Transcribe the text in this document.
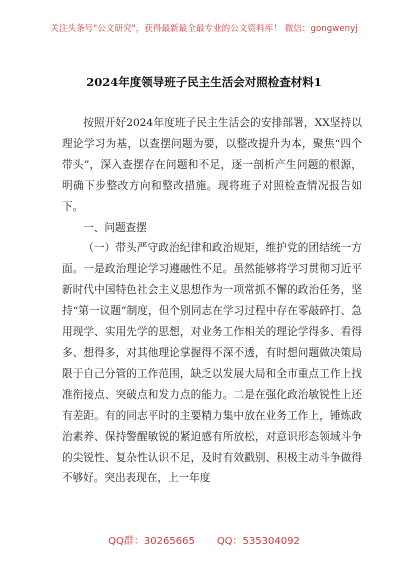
关注头条号"公文研究"，获得最新最全最专业的公文资料库！ 微信：gongwenyj
2024年度领导班子民主生活会对照检查材料1

按照开好2024年度班子民主生活会的安排部署，XX坚持以理论学习为基，以查摆问题为要，以整改提升为本，聚焦“四个带头”，深入查摆存在问题和不足，逐一剖析产生问题的根源，明确下步整改方向和整改措施。现将班子对照检查情况报告如下。

一、问题查摆

（一）带头严守政治纪律和政治规矩，维护党的团结统一方面。一是政治理论学习遵融性不足。虽然能够将学习贯彻习近平新时代中国特色社会主义思想作为一项常抓不懈的政治任务，坚持“第一议题”制度，但个别同志在学习过程中存在零敲碎打、急用现学、实用先学的思想，对业务工作相关的理论学得多、看得多、想得多，对其他理论掌握得不深不透，有时想问题做决策局限于自己分管的工作范围，缺乏以发展大局和全市重点工作上找准衔接点、突破点和发力点的能力。二是在强化政治敏锐性上还有差距。有的同志平时的主要精力集中放在业务工作上，锤炼政治素养、保持警醒敏锐的紧迫感有所放松，对意识形态领域斗争的尖锐性、复杂性认识不足，及时有效戳别、积极主动斗争做得不够好。突出表现在，上一年度

QQ群：30265665 QQ：535304092
